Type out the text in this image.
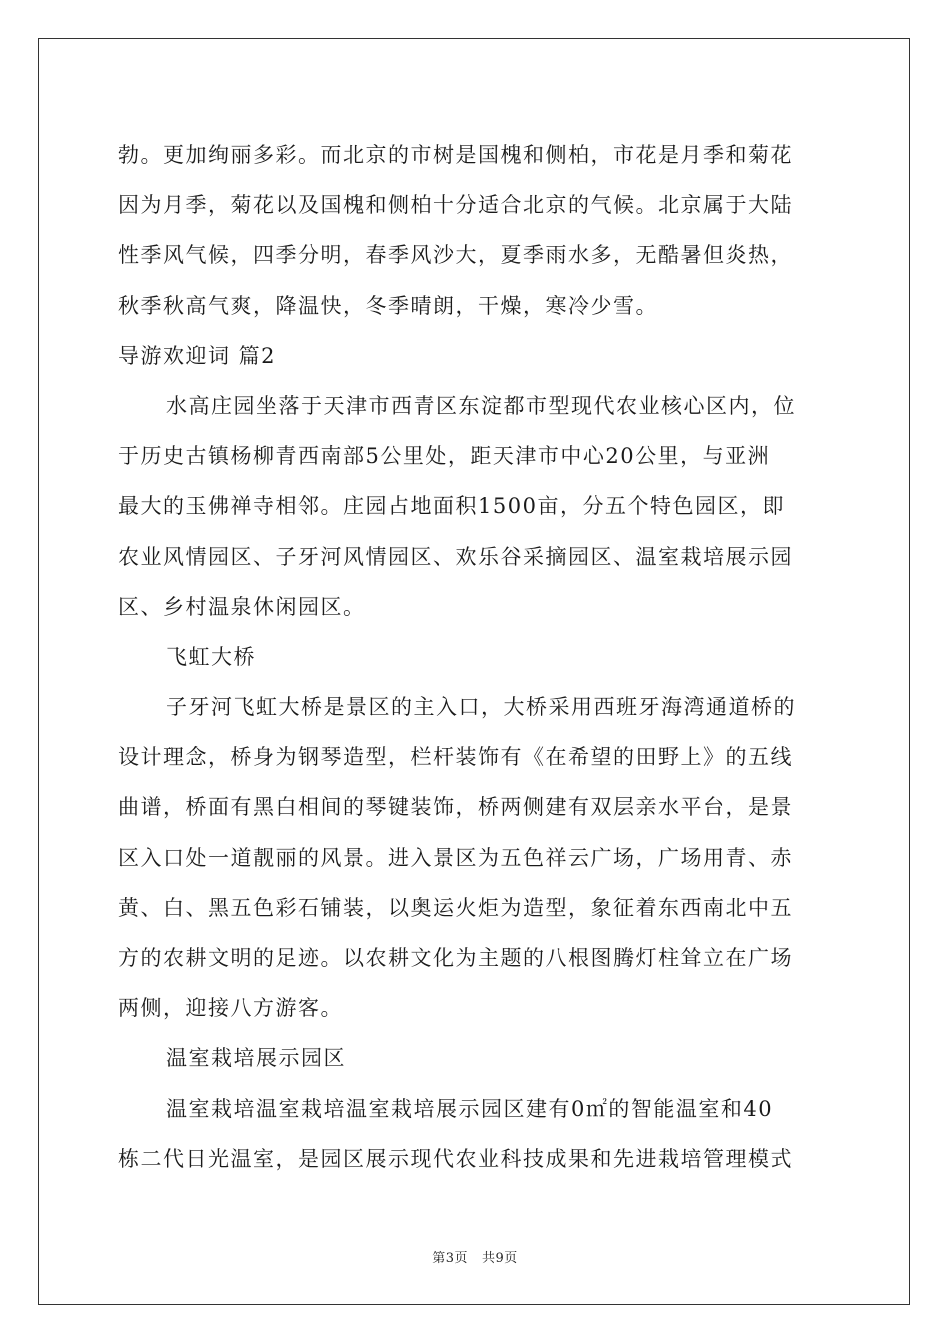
勃。更加绚丽多彩。而北京的市树是国槐和侧柏，市花是月季和菊花
因为月季，菊花以及国槐和侧柏十分适合北京的气候。北京属于大陆
性季风气候，四季分明，春季风沙大，夏季雨水多，无酷暑但炎热，
秋季秋高气爽，降温快，冬季晴朗，干燥，寒冷少雪。
导游欢迎词 篇2
水高庄园坐落于天津市西青区东淀都市型现代农业核心区内，位
于历史古镇杨柳青西南部5公里处，距天津市中心20公里，与亚洲
最大的玉佛禅寺相邻。庄园占地面积1500亩，分五个特色园区，即
农业风情园区、子牙河风情园区、欢乐谷采摘园区、温室栽培展示园
区、乡村温泉休闲园区。
飞虹大桥
子牙河飞虹大桥是景区的主入口，大桥采用西班牙海湾通道桥的
设计理念，桥身为钢琴造型，栏杆装饰有《在希望的田野上》的五线
曲谱，桥面有黑白相间的琴键装饰，桥两侧建有双层亲水平台，是景
区入口处一道靓丽的风景。进入景区为五色祥云广场，广场用青、赤
黄、白、黑五色彩石铺装，以奥运火炬为造型，象征着东西南北中五
方的农耕文明的足迹。以农耕文化为主题的八根图腾灯柱耸立在广场
两侧，迎接八方游客。
温室栽培展示园区
温室栽培温室栽培温室栽培展示园区建有0㎡的智能温室和40
栋二代日光温室，是园区展示现代农业科技成果和先进栽培管理模式
第3页 共9页
